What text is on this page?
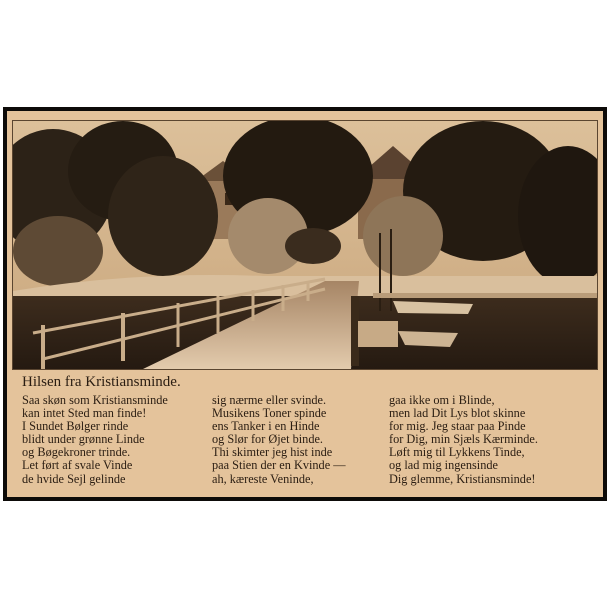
Hilsen fra Kristiansminde.
Saa skøn som Kristiansminde
kan intet Sted man finde!
I Sundet Bølger rinde
blidt under grønne Linde
og Bøgekroner trinde.
Let ført af svale Vinde
de hvide Sejl gelinde
sig nærme eller svinde.
Musikens Toner spinde
ens Tanker i en Hinde
og Slør for Øjet binde.
Thi skimter jeg hist inde
paa Stien der en Kvinde —
ah, kæreste Veninde,
gaa ikke om i Blinde,
men lad Dit Lys blot skinne
for mig. Jeg staar paa Pinde
for Dig, min Sjæls Kærminde.
Løft mig til Lykkens Tinde,
og lad mig ingensinde
Dig glemme, Kristiansminde!
